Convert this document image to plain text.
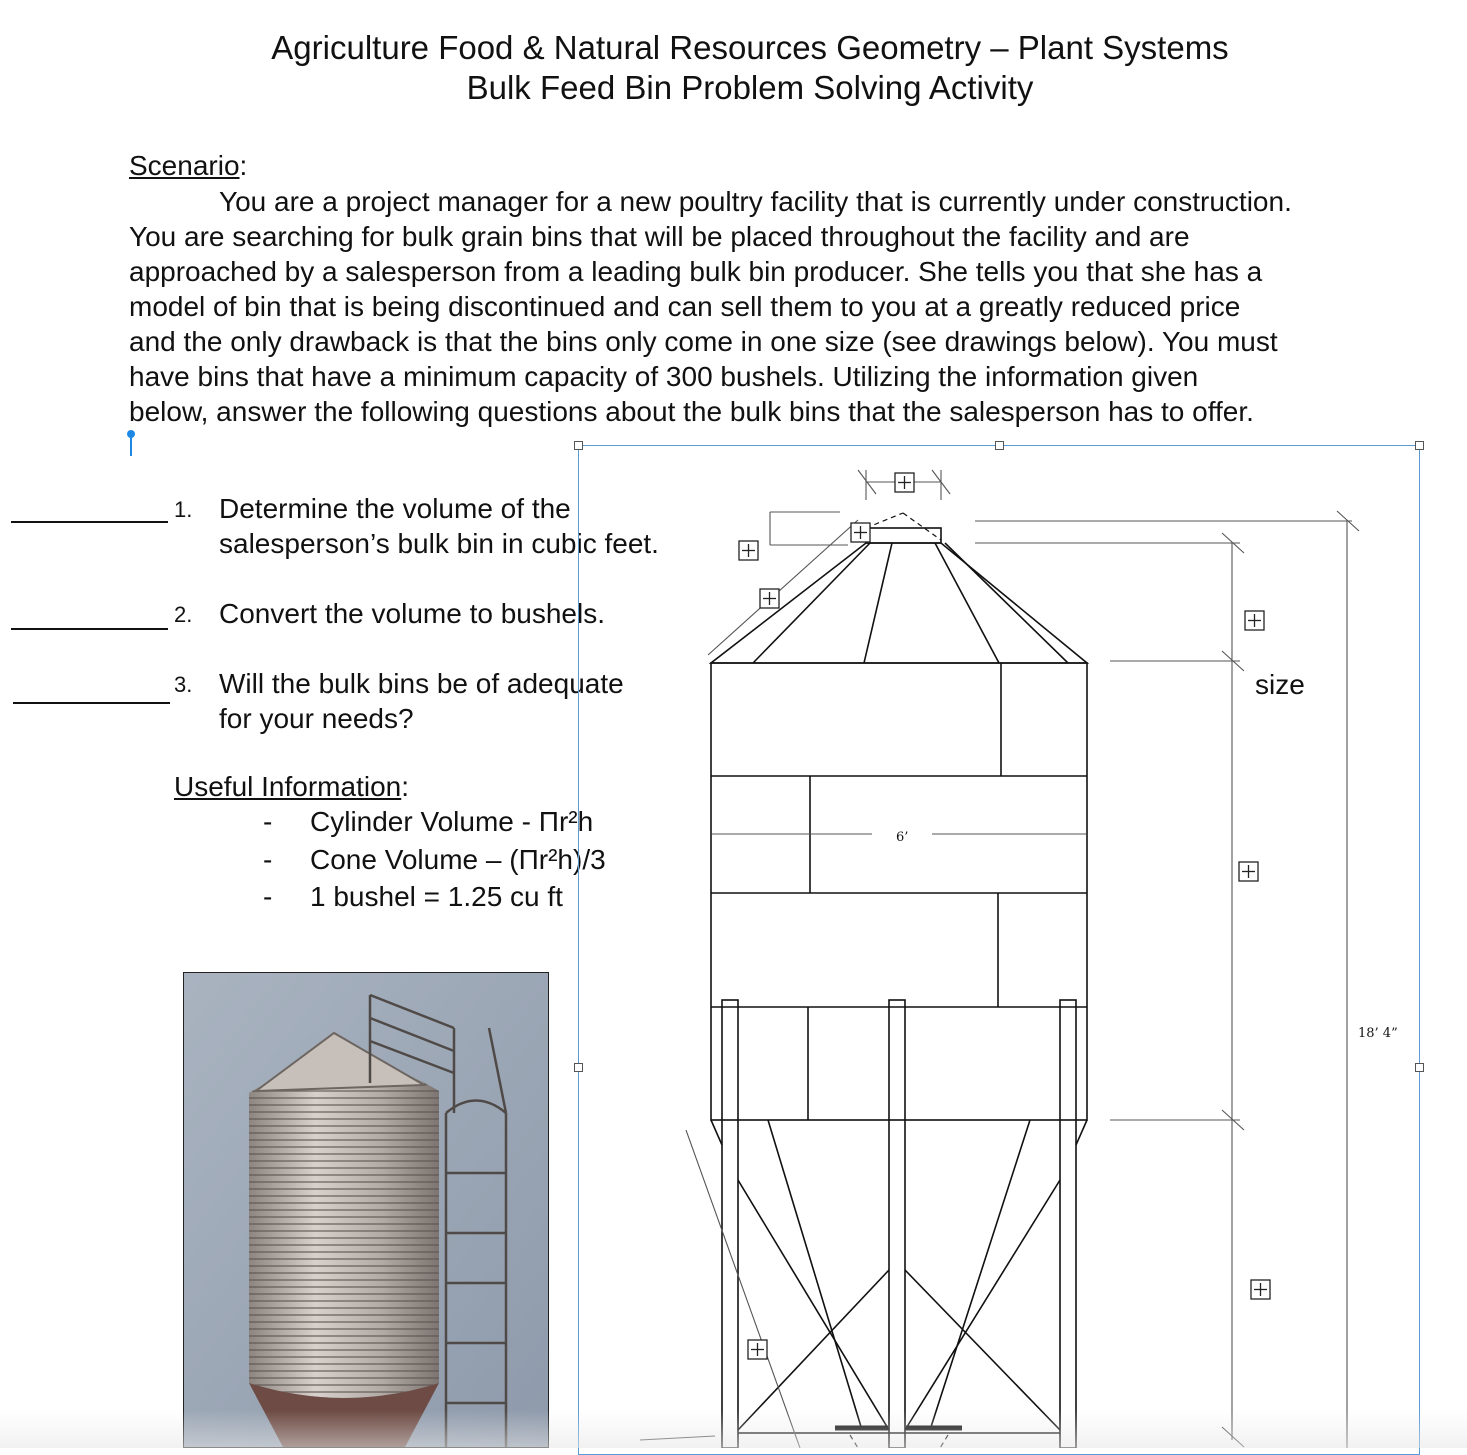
Agriculture Food & Natural Resources Geometry – Plant Systems
Bulk Feed Bin Problem Solving Activity
Scenario:
You are a project manager for a new poultry facility that is currently under construction.
You are searching for bulk grain bins that will be placed throughout the facility and are
approached by a salesperson from a leading bulk bin producer. She tells you that she has a
model of bin that is being discontinued and can sell them to you at a greatly reduced price
and the only drawback is that the bins only come in one size (see drawings below). You must
have bins that have a minimum capacity of 300 bushels. Utilizing the information given
below, answer the following questions about the bulk bins that the salesperson has to offer.
1. Determine the volume of the
salesperson’s bulk bin in cubic feet.
2. Convert the volume to bushels.
3. Will the bulk bins be of adequate
for your needs?
Useful Information:
- Cylinder Volume - Πr²h
- Cone Volume – (Πr²h)/3
- 1 bushel = 1.25 cu ft
6’
18’ 4”
size
